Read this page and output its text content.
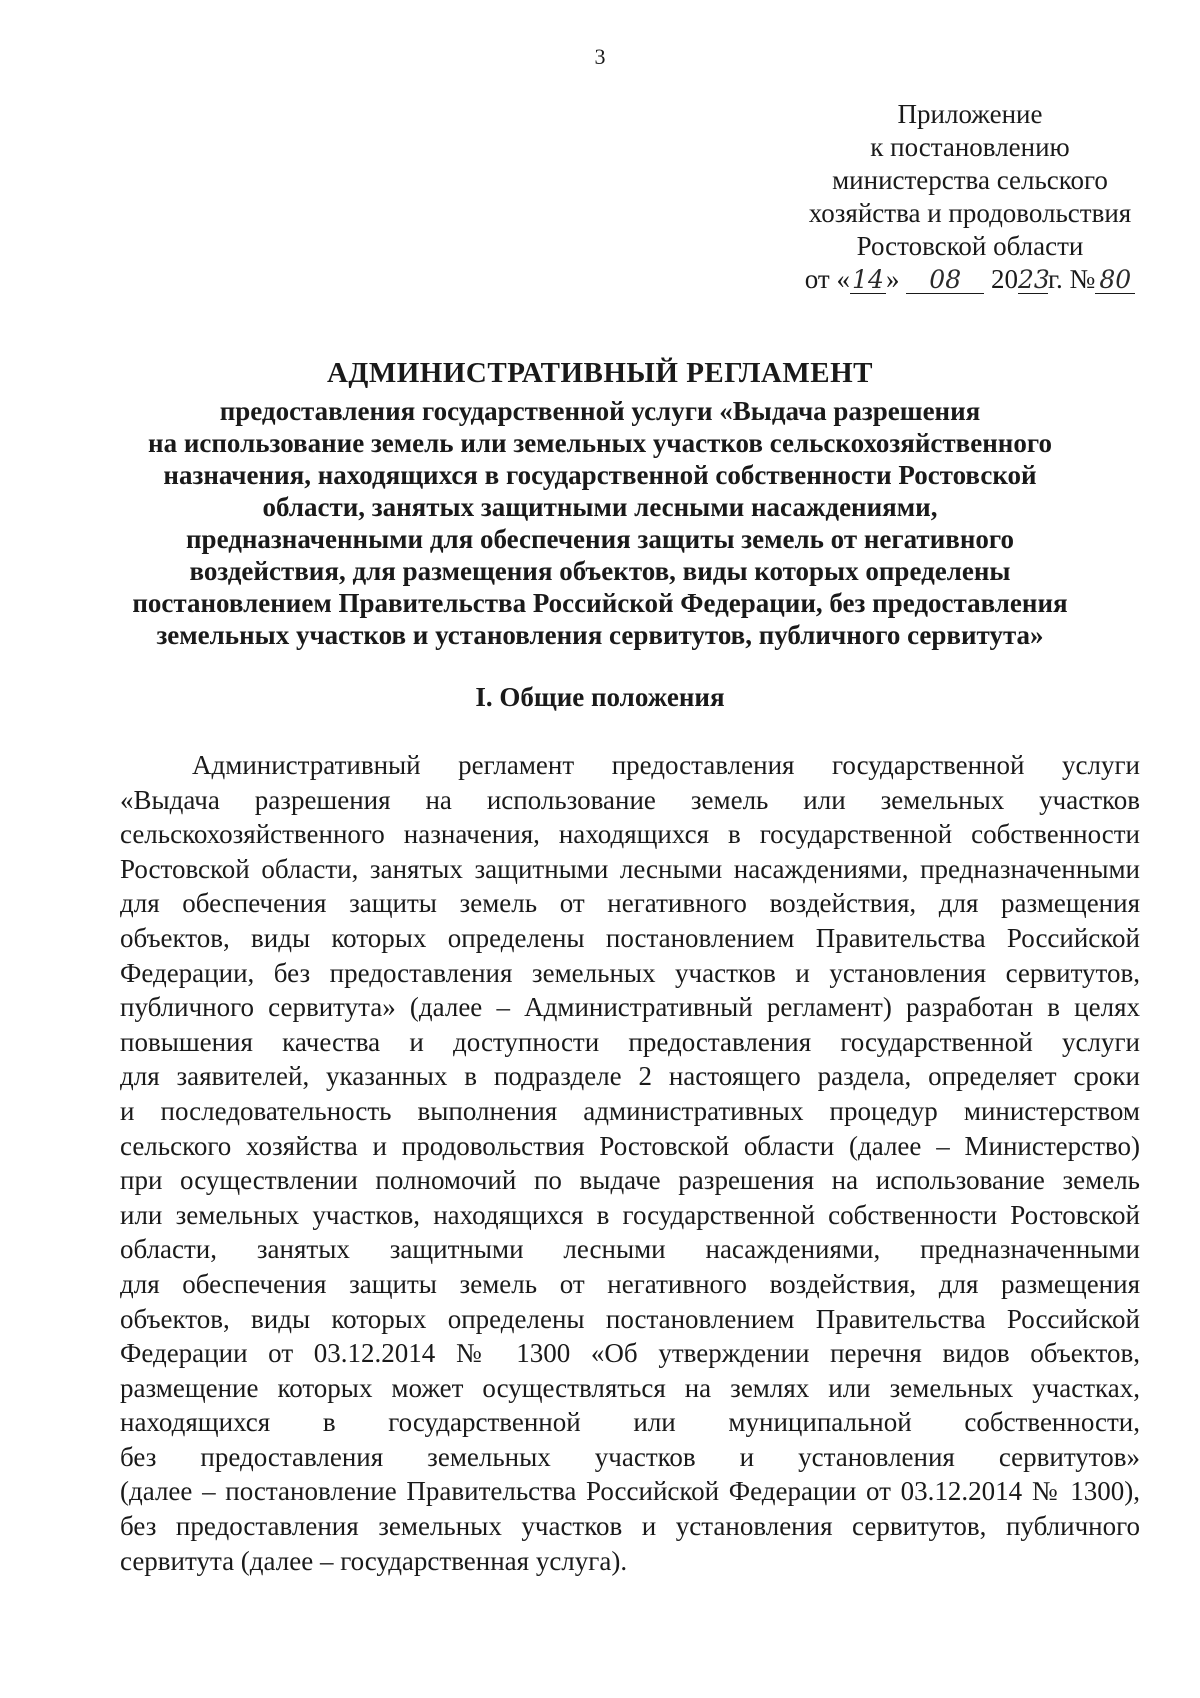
3
Приложение
к постановлению
министерства сельского
хозяйства и продовольствия
Ростовской области
от «14» 08 2023г. № 80
АДМИНИСТРАТИВНЫЙ РЕГЛАМЕНТ
предоставления государственной услуги «Выдача разрешения
на использование земель или земельных участков сельскохозяйственного
назначения, находящихся в государственной собственности Ростовской
области, занятых защитными лесными насаждениями,
предназначенными для обеспечения защиты земель от негативного
воздействия, для размещения объектов, виды которых определены
постановлением Правительства Российской Федерации, без предоставления
земельных участков и установления сервитутов, публичного сервитута»
I. Общие положения
Административный регламент предоставления государственной услуги
«Выдача разрешения на использование земель или земельных участков
сельскохозяйственного назначения, находящихся в государственной собственности
Ростовской области, занятых защитными лесными насаждениями, предназначенными
для обеспечения защиты земель от негативного воздействия, для размещения
объектов, виды которых определены постановлением Правительства Российской
Федерации, без предоставления земельных участков и установления сервитутов,
публичного сервитута» (далее – Административный регламент) разработан в целях
повышения качества и доступности предоставления государственной услуги
для заявителей, указанных в подразделе 2 настоящего раздела, определяет сроки
и последовательность выполнения административных процедур министерством
сельского хозяйства и продовольствия Ростовской области (далее – Министерство)
при осуществлении полномочий по выдаче разрешения на использование земель
или земельных участков, находящихся в государственной собственности Ростовской
области, занятых защитными лесными насаждениями, предназначенными
для обеспечения защиты земель от негативного воздействия, для размещения
объектов, виды которых определены постановлением Правительства Российской
Федерации от 03.12.2014 № 1300 «Об утверждении перечня видов объектов,
размещение которых может осуществляться на землях или земельных участках,
находящихся в государственной или муниципальной собственности,
без предоставления земельных участков и установления сервитутов»
(далее – постановление Правительства Российской Федерации от 03.12.2014 № 1300),
без предоставления земельных участков и установления сервитутов, публичного
сервитута (далее – государственная услуга).
